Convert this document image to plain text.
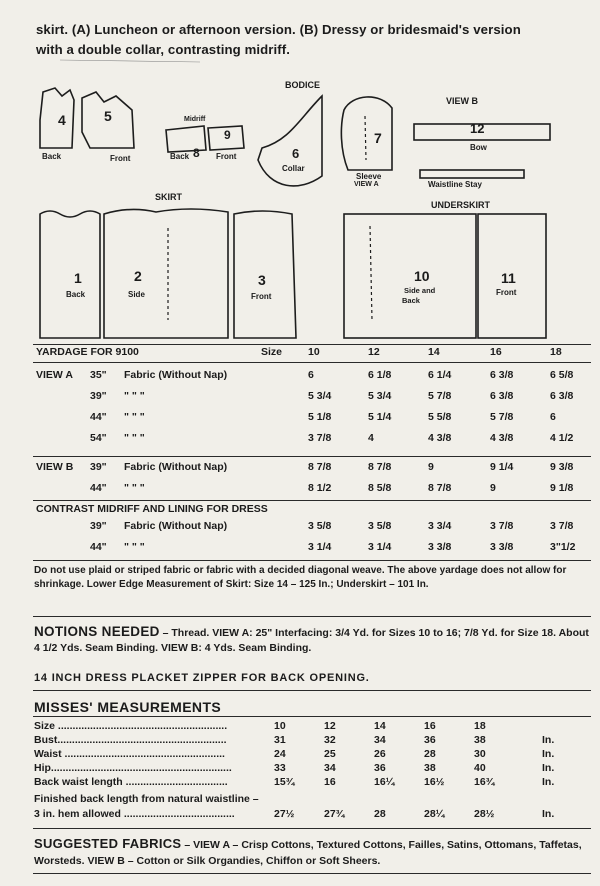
skirt. (A) Luncheon or afternoon version. (B) Dressy or bridesmaid's version
with a double collar, contrasting midriff.
BODICE
VIEW B
SKIRT
UNDERSKIRT
4
Back
5
Front
Midriff
8
Back
9
Front	6
Collar
7
Sleeve
VIEW A
12
Bow
Waistline Stay
1
Back
2
Side
3
Front
10
Side and
Back
11
Front
YARDAGE FOR 9100	Size 10	12	14	16	18
VIEW A 35" Fabric (Without Nap)	6	6 1/8	6 1/4	6 3/8	6 5/8
39" " " "	5 3/4	5 3/4	5 7/8	6 3/8	6 3/8
44" " " "	5 1/8	5 1/4	5 5/8	5 7/8	6
54" " " "	3 7/8	4	4 3/8	4 3/8	4 1/2
VIEW B 39" Fabric (Without Nap)	8 7/8	8 7/8	9	9 1/4	9 3/8
44" " " "	8 1/2	8 5/8	8 7/8	9	9 1/8
39" Fabric (Without Nap)	3 5/8	3 5/8	3 3/4	3 7/8	3 7/8
44" " " "	3 1/4	3 1/4	3 3/8	3 3/8	3"1/2
CONTRAST MIDRIFF AND LINING FOR DRESS
Do not use plaid or striped fabric or fabric with a decided diagonal weave. The above yardage does not allow for shrinkage. Lower Edge Measurement of Skirt: Size 14 – 125 In.; Underskirt – 101 In.
NOTIONS NEEDED – Thread. VIEW A: 25" Interfacing: 3/4 Yd. for Sizes 10 to 16; 7/8 Yd. for Size 18. About 4 1/2 Yds. Seam Binding. VIEW B: 4 Yds. Seam Binding.
14 INCH DRESS PLACKET ZIPPER FOR BACK OPENING.
MISSES' MEASUREMENTS
Size ..........................................................	10	12	14	16	18
Bust..........................................................	31	32	34	36	38	In.
Waist .......................................................	24	25	26	28	30	In.
Hip..............................................................	33	34	36	38	40	In.
Back waist length ...................................	15¾	16	16¼	16½	16¾	In.
Finished back length from natural waistline –
3 in. hem allowed ......................................	27½	27¾	28	28¼	28½	In.
SUGGESTED FABRICS – VIEW A – Crisp Cottons, Textured Cottons, Failles, Satins, Ottomans, Taffetas, Worsteds. VIEW B – Cotton or Silk Organdies, Chiffon or Soft Sheers.
